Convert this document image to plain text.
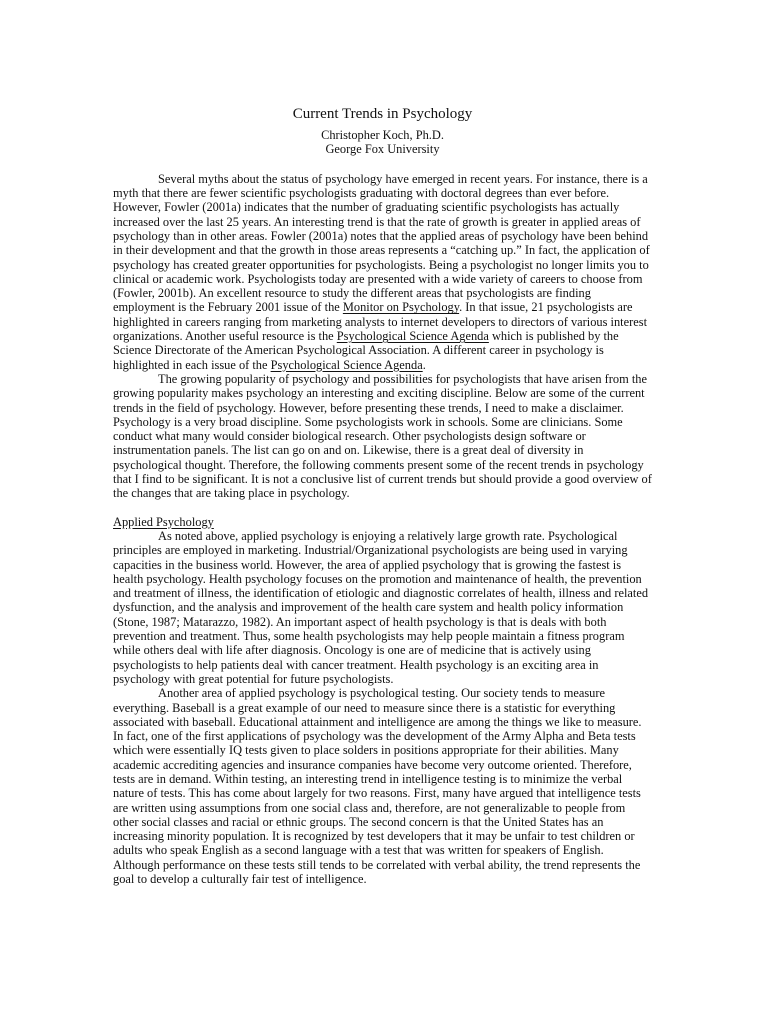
Current Trends in Psychology
Christopher Koch, Ph.D.
George Fox University

Several myths about the status of psychology have emerged in recent years. For instance, there is a myth that there are fewer scientific psychologists graduating with doctoral degrees than ever before. However, Fowler (2001a) indicates that the number of graduating scientific psychologists has actually increased over the last 25 years. An interesting trend is that the rate of growth is greater in applied areas of psychology than in other areas. Fowler (2001a) notes that the applied areas of psychology have been behind in their development and that the growth in those areas represents a “catching up.” In fact, the application of psychology has created greater opportunities for psychologists. Being a psychologist no longer limits you to clinical or academic work. Psychologists today are presented with a wide variety of careers to choose from (Fowler, 2001b). An excellent resource to study the different areas that psychologists are finding employment is the February 2001 issue of the Monitor on Psychology. In that issue, 21 psychologists are highlighted in careers ranging from marketing analysts to internet developers to directors of various interest organizations. Another useful resource is the Psychological Science Agenda which is published by the Science Directorate of the American Psychological Association. A different career in psychology is highlighted in each issue of the Psychological Science Agenda.

The growing popularity of psychology and possibilities for psychologists that have arisen from the growing popularity makes psychology an interesting and exciting discipline. Below are some of the current trends in the field of psychology. However, before presenting these trends, I need to make a disclaimer. Psychology is a very broad discipline. Some psychologists work in schools. Some are clinicians. Some conduct what many would consider biological research. Other psychologists design software or instrumentation panels. The list can go on and on. Likewise, there is a great deal of diversity in psychological thought. Therefore, the following comments present some of the recent trends in psychology that I find to be significant. It is not a conclusive list of current trends but should provide a good overview of the changes that are taking place in psychology.

Applied Psychology

As noted above, applied psychology is enjoying a relatively large growth rate. Psychological principles are employed in marketing. Industrial/Organizational psychologists are being used in varying capacities in the business world. However, the area of applied psychology that is growing the fastest is health psychology. Health psychology focuses on the promotion and maintenance of health, the prevention and treatment of illness, the identification of etiologic and diagnostic correlates of health, illness and related dysfunction, and the analysis and improvement of the health care system and health policy information (Stone, 1987; Matarazzo, 1982). An important aspect of health psychology is that is deals with both prevention and treatment. Thus, some health psychologists may help people maintain a fitness program while others deal with life after diagnosis. Oncology is one are of medicine that is actively using psychologists to help patients deal with cancer treatment. Health psychology is an exciting area in psychology with great potential for future psychologists.

Another area of applied psychology is psychological testing. Our society tends to measure everything. Baseball is a great example of our need to measure since there is a statistic for everything associated with baseball. Educational attainment and intelligence are among the things we like to measure. In fact, one of the first applications of psychology was the development of the Army Alpha and Beta tests which were essentially IQ tests given to place solders in positions appropriate for their abilities. Many academic accrediting agencies and insurance companies have become very outcome oriented. Therefore, tests are in demand. Within testing, an interesting trend in intelligence testing is to minimize the verbal nature of tests. This has come about largely for two reasons. First, many have argued that intelligence tests are written using assumptions from one social class and, therefore, are not generalizable to people from other social classes and racial or ethnic groups. The second concern is that the United States has an increasing minority population. It is recognized by test developers that it may be unfair to test children or adults who speak English as a second language with a test that was written for speakers of English. Although performance on these tests still tends to be correlated with verbal ability, the trend represents the goal to develop a culturally fair test of intelligence.
